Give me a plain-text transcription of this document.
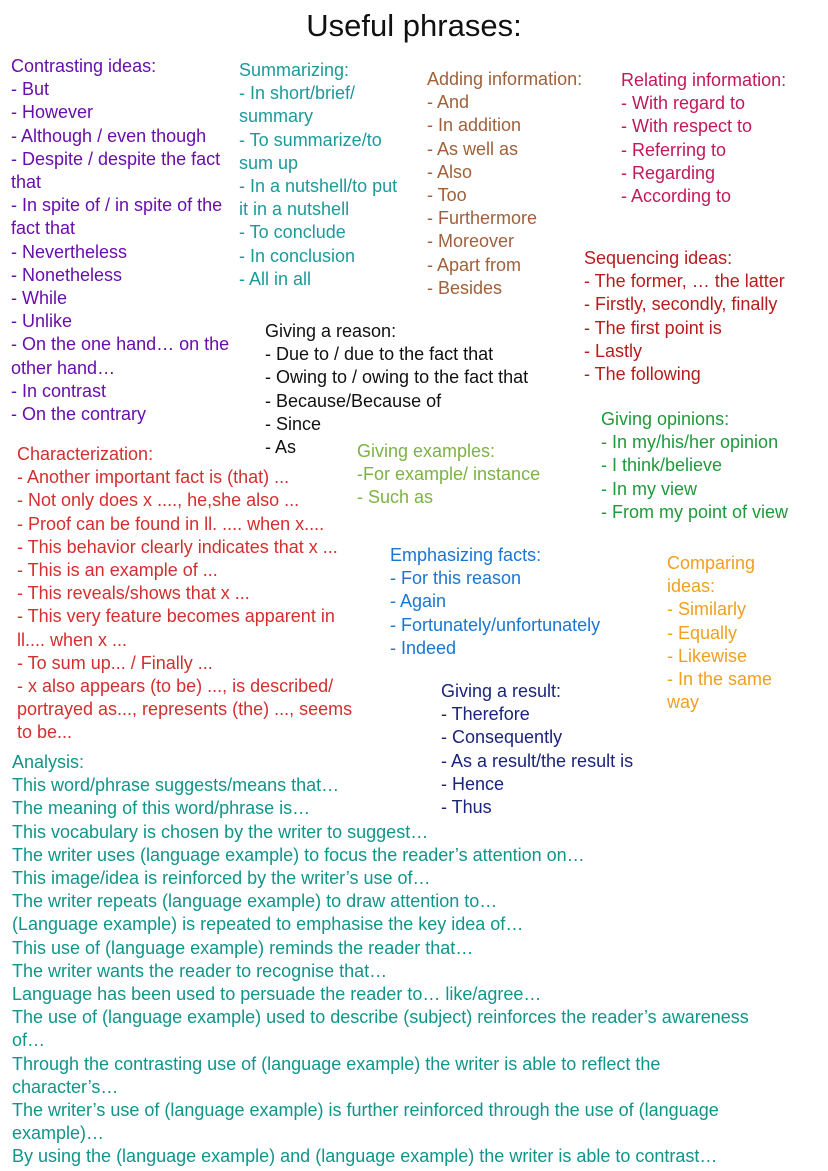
Useful phrases:
Contrasting ideas:
- But
- However
- Although / even though
- Despite / despite the fact
that
- In spite of / in spite of the
fact that
- Nevertheless
- Nonetheless
- While
- Unlike
- On the one hand… on the
other hand…
- In contrast
- On the contrary
Summarizing:
- In short/brief/
summary
- To summarize/to
sum up
- In a nutshell/to put
it in a nutshell
- To conclude
- In conclusion
- All in all
Adding information:
- And
- In addition
- As well as
- Also
- Too
- Furthermore
- Moreover
- Apart from
- Besides
Relating information:
- With regard to
- With respect to
- Referring to
- Regarding
- According to
Sequencing ideas:
- The former, … the latter
- Firstly, secondly, finally
- The first point is
- Lastly
- The following
Giving a reason:
- Due to / due to the fact that
- Owing to / owing to the fact that
- Because/Because of
- Since
- As
Giving opinions:
- In my/his/her opinion
- I think/believe
- In my view
- From my point of view
Characterization:
- Another important fact is (that) ...
- Not only does x ...., he,she also ...
- Proof can be found in ll. .... when x....
- This behavior clearly indicates that x ...
- This is an example of ...
- This reveals/shows that x ...
- This very feature becomes apparent in
ll.... when x ...
- To sum up... / Finally ...
- x also appears (to be) ..., is described/
portrayed as..., represents (the) ..., seems
to be...
Giving examples:
-For example/ instance
- Such as
Emphasizing facts:
- For this reason
- Again
- Fortunately/unfortunately
- Indeed
Comparing
ideas:
- Similarly
- Equally
- Likewise
- In the same
way
Giving a result:
- Therefore
- Consequently
- As a result/the result is
- Hence
- Thus
Analysis:
This word/phrase suggests/means that…
The meaning of this word/phrase is…
This vocabulary is chosen by the writer to suggest…
The writer uses (language example) to focus the reader’s attention on…
This image/idea is reinforced by the writer’s use of…
The writer repeats (language example) to draw attention to…
(Language example) is repeated to emphasise the key idea of…
This use of (language example) reminds the reader that…
The writer wants the reader to recognise that…
Language has been used to persuade the reader to… like/agree…
The use of (language example) used to describe (subject) reinforces the reader’s awareness
of…
Through the contrasting use of (language example) the writer is able to reflect the
character’s…
The writer’s use of (language example) is further reinforced through the use of (language
example)…
By using the (language example) and (language example) the writer is able to contrast…
